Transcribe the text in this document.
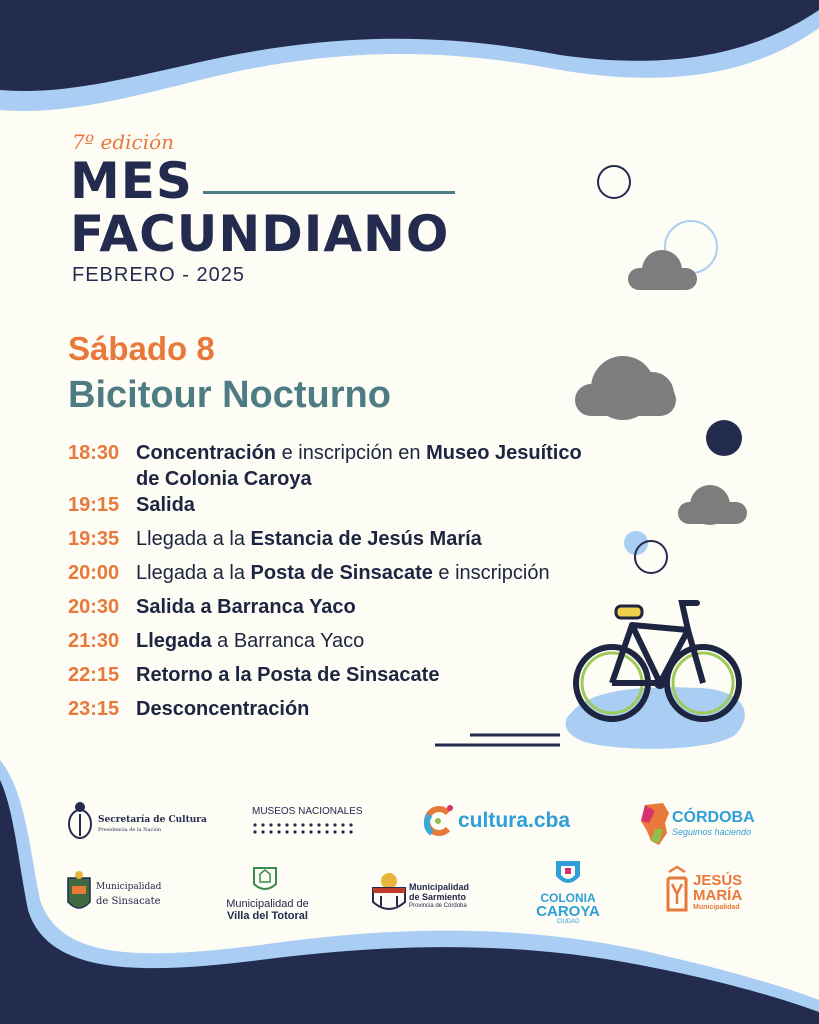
7º edición
MES
FACUNDIANO
FEBRERO - 2025
Sábado 8
Bicitour Nocturno
18:30 Concentración e inscripción en Museo Jesuítico de Colonia Caroya
19:15 Salida
19:35 Llegada a la Estancia de Jesús María
20:00 Llegada a la Posta de Sinsacate e inscripción
20:30 Salida a Barranca Yaco
21:30 Llegada a Barranca Yaco
22:15 Retorno a la Posta de Sinsacate
23:15 Desconcentración
Secretaría de Cultura
Presidencia de la Nación
MUSEOS NACIONALES	cultura.cba	CÓRDOBA
Seguimos haciendo
Municipalidad
de Sinsacate	Municipalidad de
Villa del Totoral
Municipalidad
de Sarmiento
Provincia de Córdoba
COLONIA
CAROYA
CIUDAD
JESÚS
MARÍA
Municipalidad
